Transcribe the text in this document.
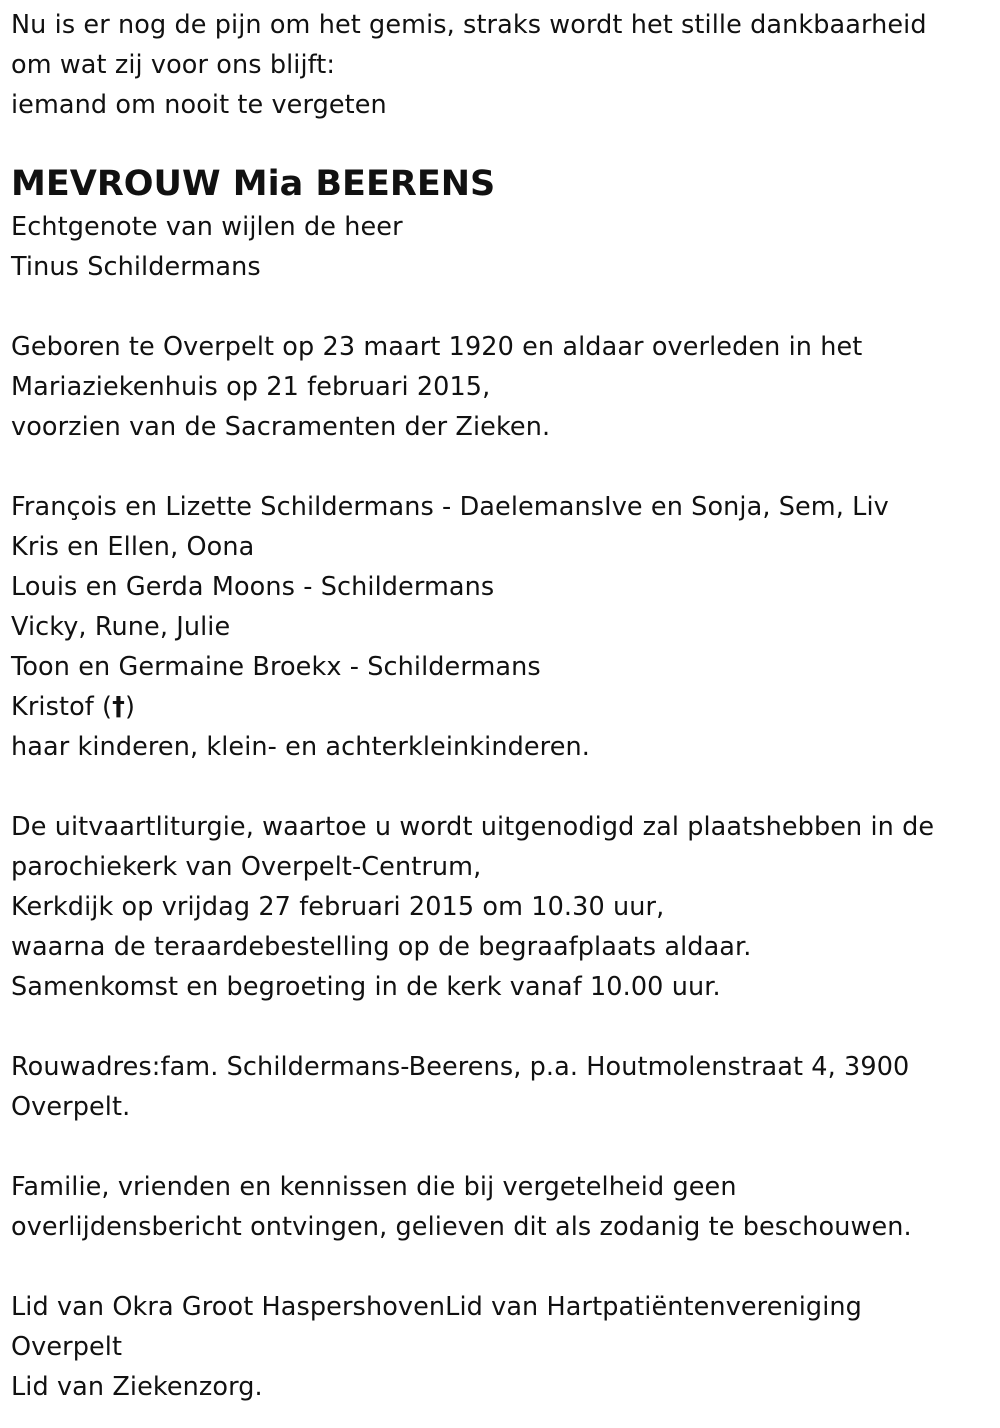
Nu is er nog de pijn om het gemis, straks wordt het stille dankbaarheid
om wat zij voor ons blijft:
iemand om nooit te vergeten
MEVROUW Mia BEERENS
Echtgenote van wijlen de heer
Tinus Schildermans
Geboren te Overpelt op 23 maart 1920 en aldaar overleden in het
Mariaziekenhuis op 21 februari 2015,
voorzien van de Sacramenten der Zieken.
François en Lizette Schildermans - DaelemansIve en Sonja, Sem, Liv
Kris en Ellen, Oona
Louis en Gerda Moons - Schildermans
Vicky, Rune, Julie
Toon en Germaine Broekx - Schildermans
Kristof (†)
haar kinderen, klein- en achterkleinkinderen.
De uitvaartliturgie, waartoe u wordt uitgenodigd zal plaatshebben in de
parochiekerk van Overpelt-Centrum,
Kerkdijk op vrijdag 27 februari 2015 om 10.30 uur,
waarna de teraardebestelling op de begraafplaats aldaar.
Samenkomst en begroeting in de kerk vanaf 10.00 uur.
Rouwadres:fam. Schildermans-Beerens, p.a. Houtmolenstraat 4, 3900
Overpelt.
Familie, vrienden en kennissen die bij vergetelheid geen
overlijdensbericht ontvingen, gelieven dit als zodanig te beschouwen.
Lid van Okra Groot HaspershovenLid van Hartpatiëntenvereniging
Overpelt
Lid van Ziekenzorg.
